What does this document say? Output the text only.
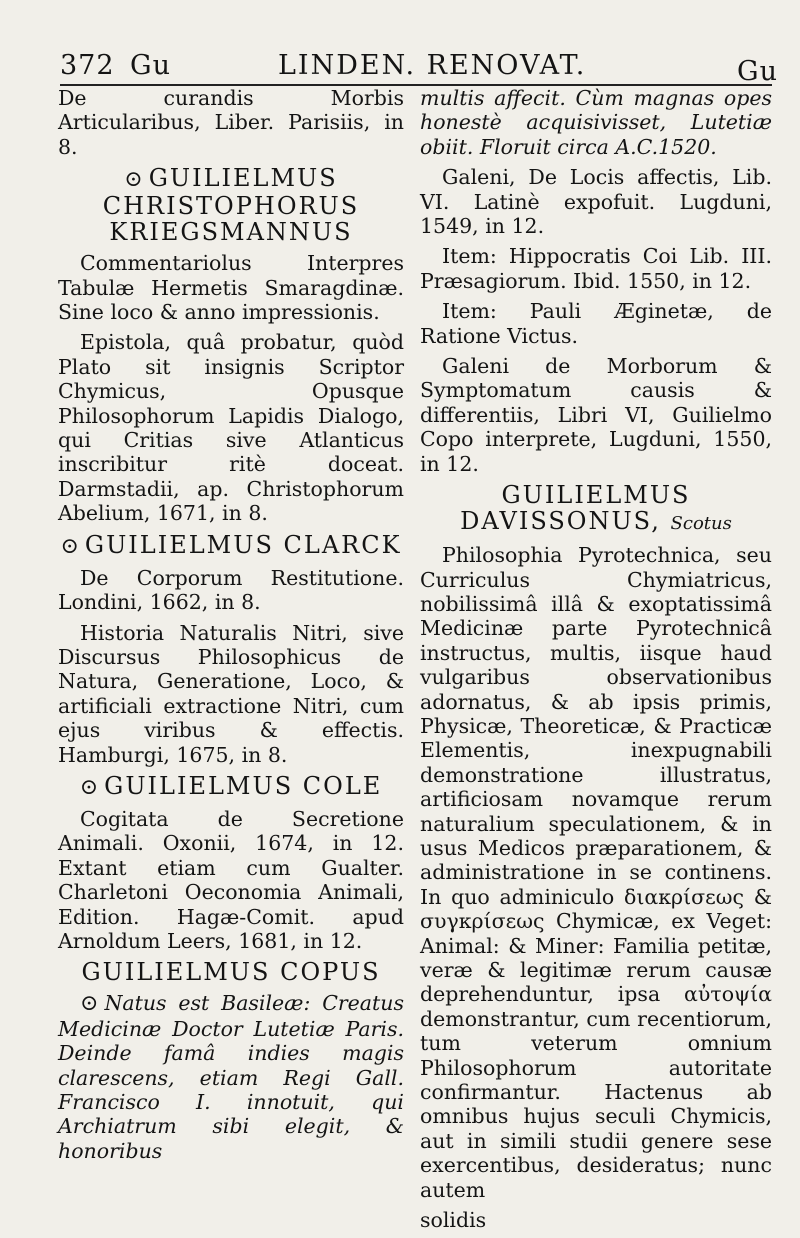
372 Gu	LINDEN. RENOVAT.	Gu

De curandis Morbis Articularibus, Liber. Parisiis, in 8.

⊙ GUILIELMUS CHRISTOPHORUS KRIEGSMANNUS

Commentariolus Interpres Tabulæ Hermetis Smaragdinæ. Sine loco & anno impressionis.

Epistola, quâ probatur, quòd Plato sit insignis Scriptor Chymicus, Opusque Philosophorum Lapidis Dialogo, qui Critias sive Atlanticus inscribitur ritè doceat. Darmstadii, ap. Christophorum Abelium, 1671, in 8.

⊙ GUILIELMUS CLARCK

De Corporum Restitutione. Londini, 1662, in 8.

Historia Naturalis Nitri, sive Discursus Philosophicus de Natura, Generatione, Loco, & artificiali extractione Nitri, cum ejus viribus & effectis. Hamburgi, 1675, in 8.

⊙ GUILIELMUS COLE

Cogitata de Secretione Animali. Oxonii, 1674, in 12. Extant etiam cum Gualter. Charletoni Oeconomia Animali, Edition. Hagæ-Comit. apud Arnoldum Leers, 1681, in 12.

GUILIELMUS COPUS

⊙ Natus est Basileæ: Creatus Medicinæ Doctor Lutetiæ Paris. Deinde famâ indies magis clarescens, etiam Regi Gall. Francisco I. innotuit, qui Archiatrum sibi elegit, & honoribus

multis affecit. Cùm magnas opes honestè acquisivisset, Lutetiæ obiit. Floruit circa A.C.1520.

Galeni, De Locis affectis, Lib. VI. Latinè expofuit. Lugduni, 1549, in 12.

Item: Hippocratis Coi Lib. III. Præsagiorum. Ibid. 1550, in 12.

Item: Pauli Æginetæ, de Ratione Victus.

Galeni de Morborum & Symptomatum causis & differentiis, Libri VI, Guilielmo Copo interprete, Lugduni, 1550, in 12.

GUILIELMUS DAVISSONUS, Scotus

Philosophia Pyrotechnica, seu Curriculus Chymiatricus, nobilissimâ illâ & exoptatissimâ Medicinæ parte Pyrotechnicâ instructus, multis, iisque haud vulgaribus observationibus adornatus, & ab ipsis primis, Physicæ, Theoreticæ, & Practicæ Elementis, inexpugnabili demonstratione illustratus, artificiosam novamque rerum naturalium speculationem, & in usus Medicos præparationem, & administratione in se continens. In quo adminiculo διακρίσεως & συγκρίσεως Chymicæ, ex Veget: Animal: & Miner: Familia petitæ, veræ & legitimæ rerum causæ deprehenduntur, ipsa αὐτοψία demonstrantur, cum recentiorum, tum veterum omnium Philosophorum autoritate confirmantur. Hactenus ab omnibus hujus seculi Chymicis, aut in simili studii genere sese exercentibus, desideratus; nunc autem

solidis
